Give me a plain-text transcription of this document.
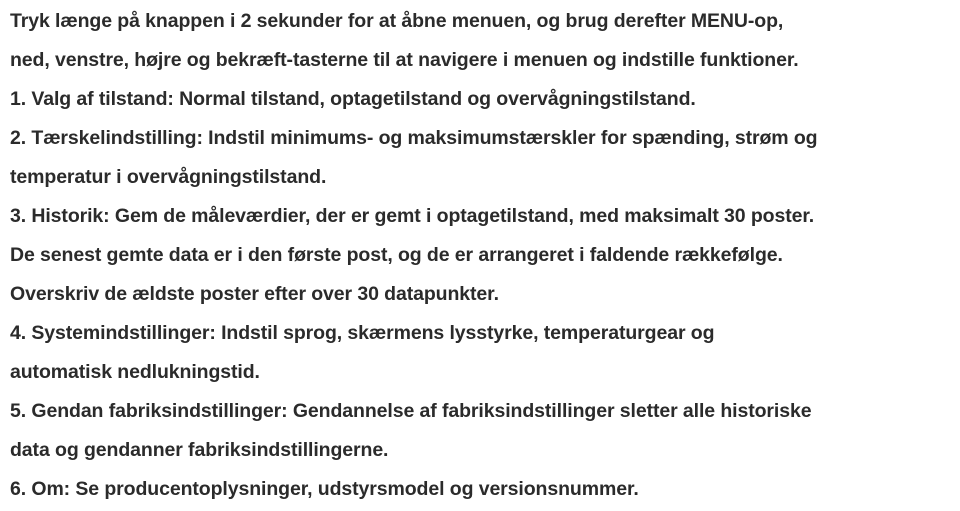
Tryk længe på knappen i 2 sekunder for at åbne menuen, og brug derefter MENU-op,
ned, venstre, højre og bekræft-tasterne til at navigere i menuen og indstille funktioner.
1. Valg af tilstand: Normal tilstand, optagetilstand og overvågningstilstand.
2. Tærskelindstilling: Indstil minimums- og maksimumstærskler for spænding, strøm og
temperatur i overvågningstilstand.
3. Historik: Gem de måleværdier, der er gemt i optagetilstand, med maksimalt 30 poster.
De senest gemte data er i den første post, og de er arrangeret i faldende rækkefølge.
Overskriv de ældste poster efter over 30 datapunkter.
4. Systemindstillinger: Indstil sprog, skærmens lysstyrke, temperaturgear og
automatisk nedlukningstid.
5. Gendan fabriksindstillinger: Gendannelse af fabriksindstillinger sletter alle historiske
data og gendanner fabriksindstillingerne.
6. Om: Se producentoplysninger, udstyrsmodel og versionsnummer.
